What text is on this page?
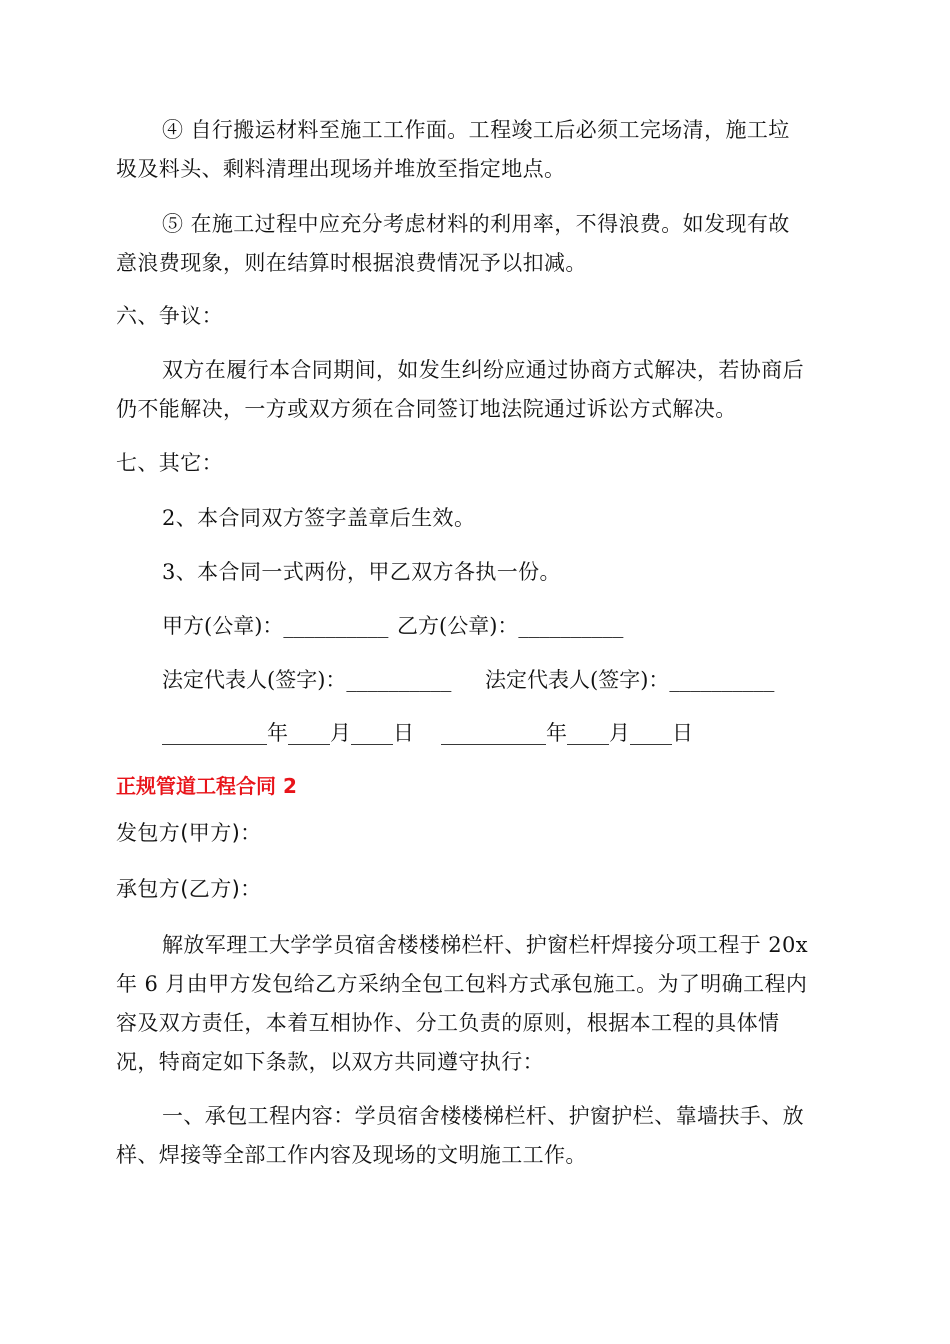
④ 自行搬运材料至施工工作面。工程竣工后必须工完场清，施工垃
圾及料头、剩料清理出现场并堆放至指定地点。
⑤ 在施工过程中应充分考虑材料的利用率，不得浪费。如发现有故
意浪费现象，则在结算时根据浪费情况予以扣减。
六、争议：
双方在履行本合同期间，如发生纠纷应通过协商方式解决，若协商后
仍不能解决，一方或双方须在合同签订地法院通过诉讼方式解决。
七、其它：
2、本合同双方签字盖章后生效。
3、本合同一式两份，甲乙双方各执一份。
甲方(公章)：__________ 乙方(公章)：__________
法定代表人(签字)：__________ 法定代表人(签字)：__________
__________年____月____日 __________年____月____日
正规管道工程合同 2
发包方(甲方)：
承包方(乙方)：
解放军理工大学学员宿舍楼楼梯栏杆、护窗栏杆焊接分项工程于 20x
年 6 月由甲方发包给乙方采纳全包工包料方式承包施工。为了明确工程内
容及双方责任，本着互相协作、分工负责的原则，根据本工程的具体情
况，特商定如下条款，以双方共同遵守执行：
一、承包工程内容：学员宿舍楼楼梯栏杆、护窗护栏、靠墙扶手、放
样、焊接等全部工作内容及现场的文明施工工作。
